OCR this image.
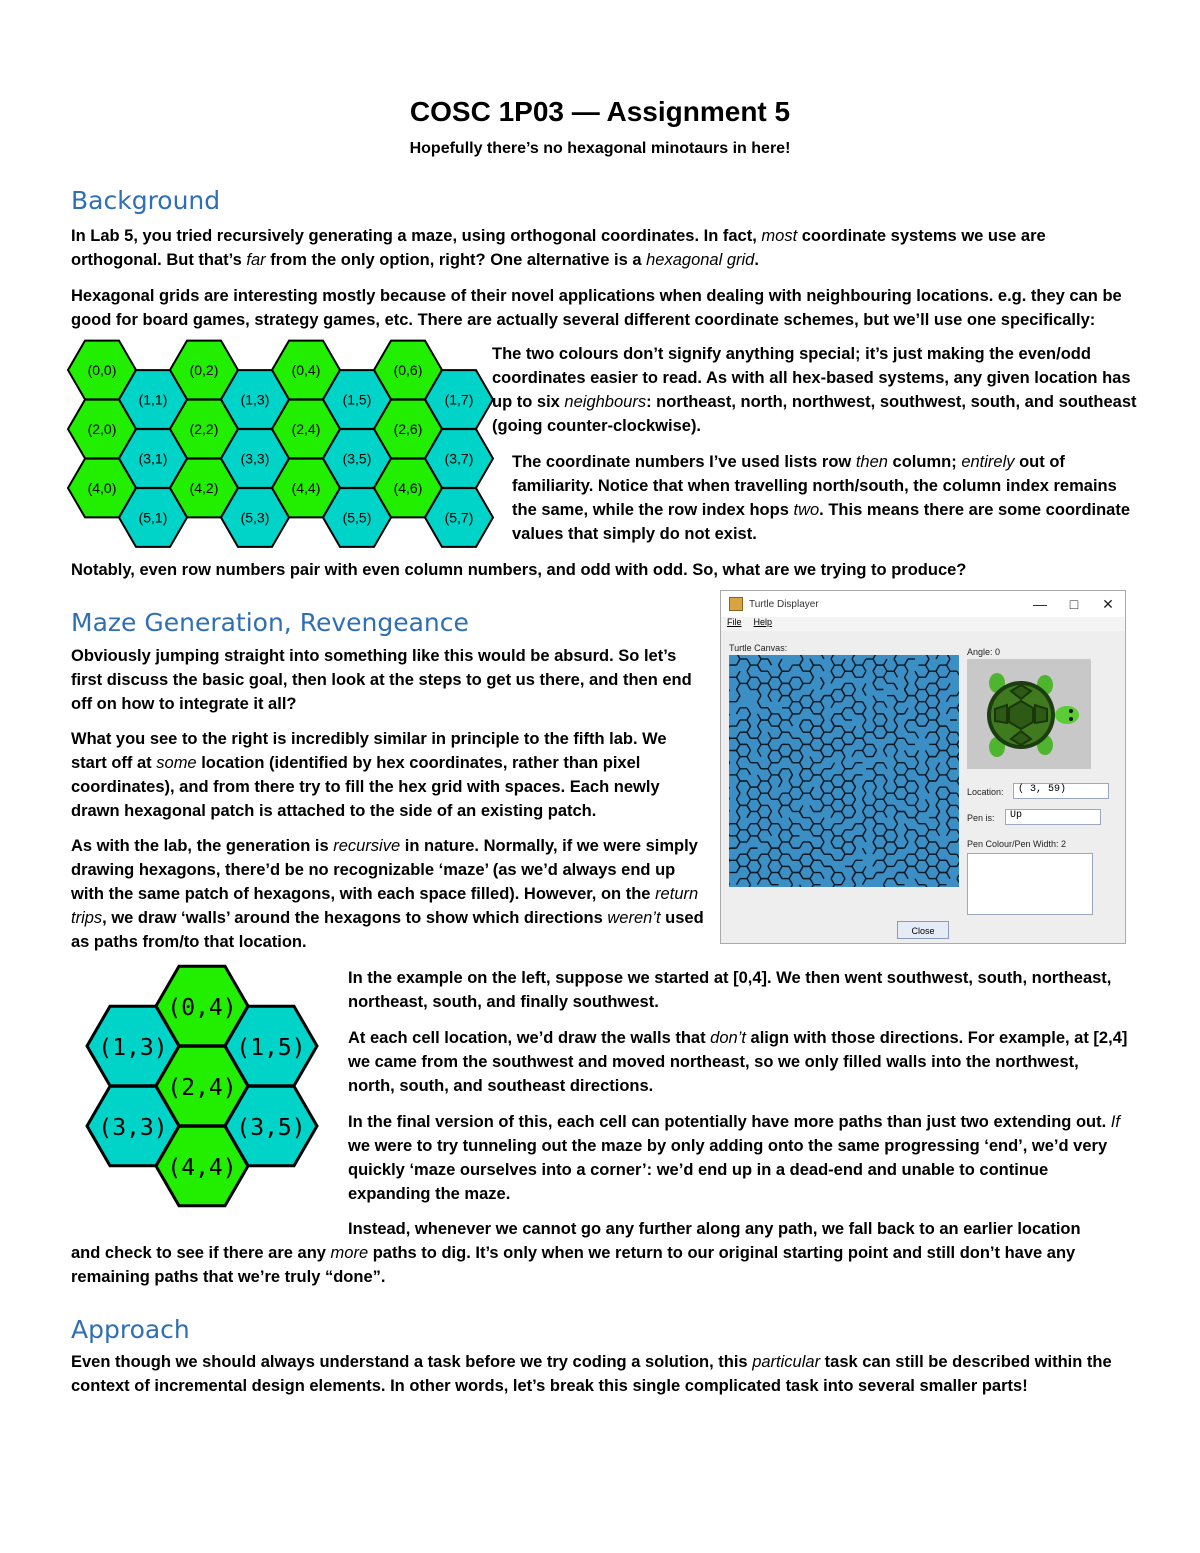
COSC 1P03 — Assignment 5
Hopefully there’s no hexagonal minotaurs in here!
Background

In Lab 5, you tried recursively generating a maze, using orthogonal coordinates. In fact, most coordinate systems we use are orthogonal. But that’s far from the only option, right? One alternative is a hexagonal grid.

Hexagonal grids are interesting mostly because of their novel applications when dealing with neighbouring locations. e.g. they can be good for board games, strategy games, etc. There are actually several different coordinate schemes, but we’ll use one specifically:

(0,0)	(0,2)	(0,4)	(0,6)
(1,1)	(1,3)	(1,5)	(1,7)
(2,0)	(2,2)	(2,4)	(2,6)
(3,1)	(3,3)	(3,5)	(3,7)
(4,0)	(4,2)	(4,4)	(4,6)
(5,1)	(5,3)	(5,5)	(5,7)

The two colours don’t signify anything special; it’s just making the even/odd coordinates easier to read. As with all hex-based systems, any given location has up to six neighbours: northeast, north, northwest, southwest, south, and southeast (going counter-clockwise).

The coordinate numbers I’ve used lists row then column; entirely out of familiarity. Notice that when travelling north/south, the column index remains the same, while the row index hops two. This means there are some coordinate values that simply do not exist.

Notably, even row numbers pair with even column numbers, and odd with odd. So, what are we trying to produce?

Maze Generation, Revengeance

Obviously jumping straight into something like this would be absurd. So let’s first discuss the basic goal, then look at the steps to get us there, and then end off on how to integrate it all?

What you see to the right is incredibly similar in principle to the fifth lab. We start off at some location (identified by hex coordinates, rather than pixel coordinates), and from there try to fill the hex grid with spaces. Each newly drawn hexagonal patch is attached to the side of an existing patch.

As with the lab, the generation is recursive in nature. Normally, if we were simply drawing hexagons, there’d be no recognizable ‘maze’ (as we’d always end up with the same patch of hexagons, with each space filled). However, on the return trips, we draw ‘walls’ around the hexagons to show which directions weren’t used as paths from/to that location.

Turtle Displayer	—	□	✕
File Help
Turtle Canvas:	Angle: 0
Location:	( 3, 59)
Pen is:	Up
Pen Colour/Pen Width: 2
Close
(0,4)
(1,3)	(1,5)
(2,4)
(3,3)	(3,5)
(4,4)

In the example on the left, suppose we started at [0,4]. We then went southwest, south, northeast, northeast, south, and finally southwest.

At each cell location, we’d draw the walls that don’t align with those directions. For example, at [2,4] we came from the southwest and moved northeast, so we only filled walls into the northwest, north, south, and southeast directions.

In the final version of this, each cell can potentially have more paths than just two extending out. If we were to try tunneling out the maze by only adding onto the same progressing ‘end’, we’d very quickly ‘maze ourselves into a corner’: we’d end up in a dead-end and unable to continue expanding the maze.

Instead, whenever we cannot go any further along any path, we fall back to an earlier location

and check to see if there are any more paths to dig. It’s only when we return to our original starting point and still don’t have any remaining paths that we’re truly “done”.

Approach

Even though we should always understand a task before we try coding a solution, this particular task can still be described within the context of incremental design elements. In other words, let’s break this single complicated task into several smaller parts!
